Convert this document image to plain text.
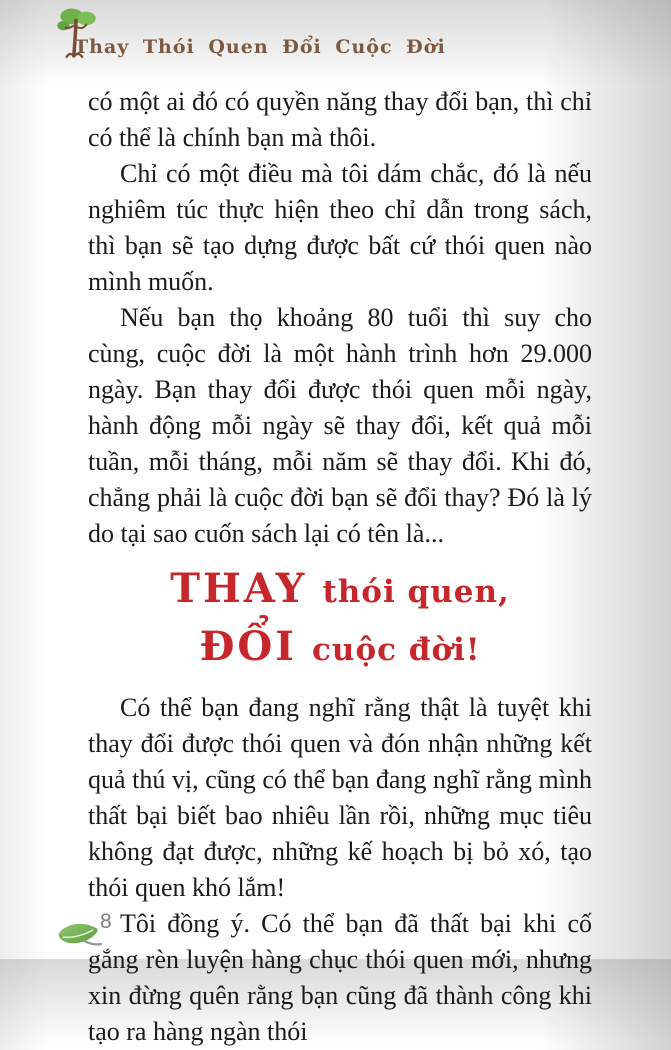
Thay Thói Quen Đổi Cuộc Đời

có một ai đó có quyền năng thay đổi bạn, thì chỉ có thể là chính bạn mà thôi.

Chỉ có một điều mà tôi dám chắc, đó là nếu nghiêm túc thực hiện theo chỉ dẫn trong sách, thì bạn sẽ tạo dựng được bất cứ thói quen nào mình muốn.

Nếu bạn thọ khoảng 80 tuổi thì suy cho cùng, cuộc đời là một hành trình hơn 29.000 ngày. Bạn thay đổi được thói quen mỗi ngày, hành động mỗi ngày sẽ thay đổi, kết quả mỗi tuần, mỗi tháng, mỗi năm sẽ thay đổi. Khi đó, chẳng phải là cuộc đời bạn sẽ đổi thay? Đó là lý do tại sao cuốn sách lại có tên là...

THAY thói quen,
ĐỔI cuộc đời!

Có thể bạn đang nghĩ rằng thật là tuyệt khi thay đổi được thói quen và đón nhận những kết quả thú vị, cũng có thể bạn đang nghĩ rằng mình thất bại biết bao nhiêu lần rồi, những mục tiêu không đạt được, những kế hoạch bị bỏ xó, tạo thói quen khó lắm!

Tôi đồng ý. Có thể bạn đã thất bại khi cố gắng rèn luyện hàng chục thói quen mới, nhưng xin đừng quên rằng bạn cũng đã thành công khi tạo ra hàng ngàn thói

8
